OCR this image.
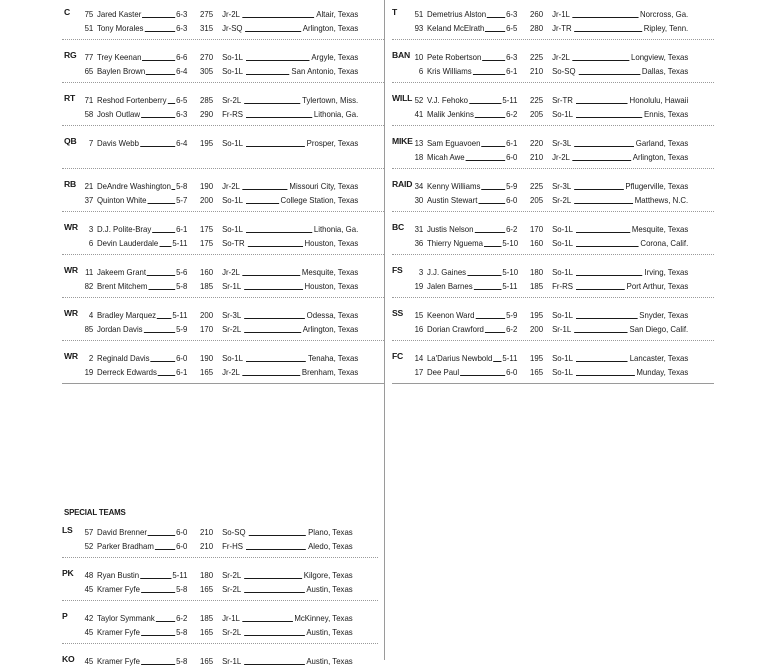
C 75 Jared Kaster	6-3 275 Jr-2L	Altair, Texas
51 Tony Morales	6-3 315 Jr-SQ	Arlington, Texas
RG 77 Trey Keenan	6-6 270 So-1L	Argyle, Texas
65 Baylen Brown	6-4 305 So-1L	San Antonio, Texas
RT 71 Reshod Fortenberry 6-5 285 Sr-2L	Tylertown, Miss.
58 Josh Outlaw	6-3 290 Fr-RS	Lithonia, Ga.
QB	7 Davis Webb	6-4 195 So-1L	Prosper, Texas
RB 21 DeAndre Washington 5-8 190 Jr-2L	Missouri City, Texas
37 Quinton White	5-7 200 So-1L	College Station, Texas
WR	3 D.J. Polite-Bray	6-1 175 So-1L	Lithonia, Ga.
6 Devin Lauderdale 5-11 175 So-TR	Houston, Texas
WR 11 Jakeem Grant	5-6 160 Jr-2L	Mesquite, Texas
82 Brent Mitchem	5-8 185 Sr-1L	Houston, Texas
WR	4 Bradley Marquez 5-11 200 Sr-3L	Odessa, Texas
85 Jordan Davis	5-9 170 Sr-2L	Arlington, Texas
WR	2 Reginald Davis	6-0 190 So-1L	Tenaha, Texas
19 Derreck Edwards 6-1 165 Jr-2L	Brenham, Texas
T 51 Demetrius Alston 6-3 260 Jr-1L	Norcross, Ga.
93 Keland McElrath	6-5 280 Jr-TR	Ripley, Tenn.
BAN 10 Pete Robertson	6-3 225 Jr-2L	Longview, Texas
6 Kris Williams	6-1 210 So-SQ	Dallas, Texas
WILL 52 V.J. Fehoko	5-11 225 Sr-TR	Honolulu, Hawaii
41 Malik Jenkins	6-2 205 So-1L	Ennis, Texas
MIKE 13 Sam Eguavoen	6-1 220 Sr-3L	Garland, Texas
18 Micah Awe	6-0 210 Jr-2L	Arlington, Texas
RAID 34 Kenny Williams	5-9 225 Sr-3L	Pflugerville, Texas
30 Austin Stewart	6-0 205 Sr-2L	Matthews, N.C.
BC 31 Justis Nelson	6-2 170 So-1L	Mesquite, Texas
36 Thierry Nguema 5-10 160 So-1L	Corona, Calif.
FS	3 J.J. Gaines	5-10 180 So-1L	Irving, Texas
19 Jalen Barnes	5-11 185 Fr-RS	Port Arthur, Texas
SS 15 Keenon Ward	5-9 195 So-1L	Snyder, Texas
16 Dorian Crawford	6-2 200 Sr-1L	San Diego, Calif.
FC 14 La'Darius Newbold 5-11 195 So-1L	Lancaster, Texas
17 Dee Paul	6-0 165 So-1L	Munday, Texas
SPECIAL TEAMS
LS 57 David Brenner	6-0 210 So-SQ	Plano, Texas
52 Parker Bradham	6-0 210 Fr-HS	Aledo, Texas
PK 48 Ryan Bustin	5-11 180 Sr-2L	Kilgore, Texas
45 Kramer Fyfe	5-8 165 Sr-2L	Austin, Texas
P 42 Taylor Symmank	6-2 185 Jr-1L	McKinney, Texas
45 Kramer Fyfe	5-8 165 Sr-2L	Austin, Texas
KO 45 Kramer Fyfe	5-8 165 Sr-1L	Austin, Texas
